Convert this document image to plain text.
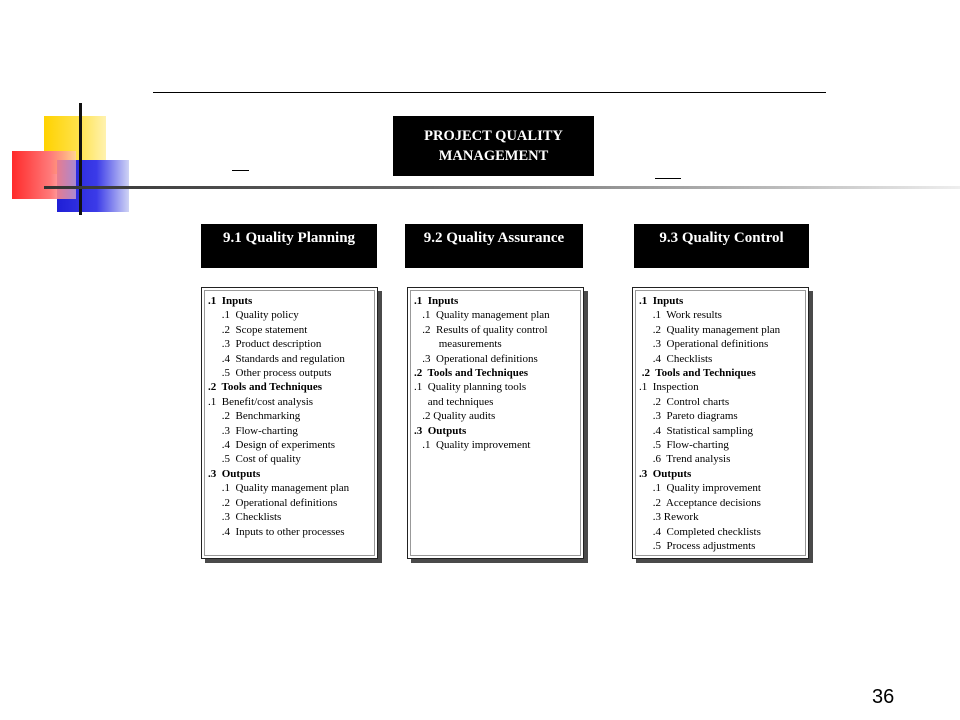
PROJECT QUALITY
MANAGEMENT
9.1 Quality Planning	9.2 Quality Assurance	9.3 Quality Control
.1  Inputs
.1  Quality policy
.2  Scope statement
.3  Product description
.4  Standards and regulation
.5  Other process outputs
.2  Tools and Techniques
.1  Benefit/cost analysis
.2  Benchmarking
.3  Flow-charting
.4  Design of experiments
.5  Cost of quality
.3  Outputs
.1  Quality management plan
.2  Operational definitions
.3  Checklists
.4  Inputs to other processes
.1  Inputs
.1  Quality management plan
.2  Results of quality control
measurements
.3  Operational definitions
.2  Tools and Techniques
.1  Quality planning tools
and techniques
.2 Quality audits
.3  Outputs
.1  Quality improvement
.1  Inputs
.1  Work results
.2  Quality management plan
.3  Operational definitions
.4  Checklists
.2  Tools and Techniques
.1  Inspection
.2  Control charts
.3  Pareto diagrams
.4  Statistical sampling
.5  Flow-charting
.6  Trend analysis
.3  Outputs
.1  Quality improvement
.2  Acceptance decisions
.3 Rework
.4  Completed checklists
.5  Process adjustments
36
